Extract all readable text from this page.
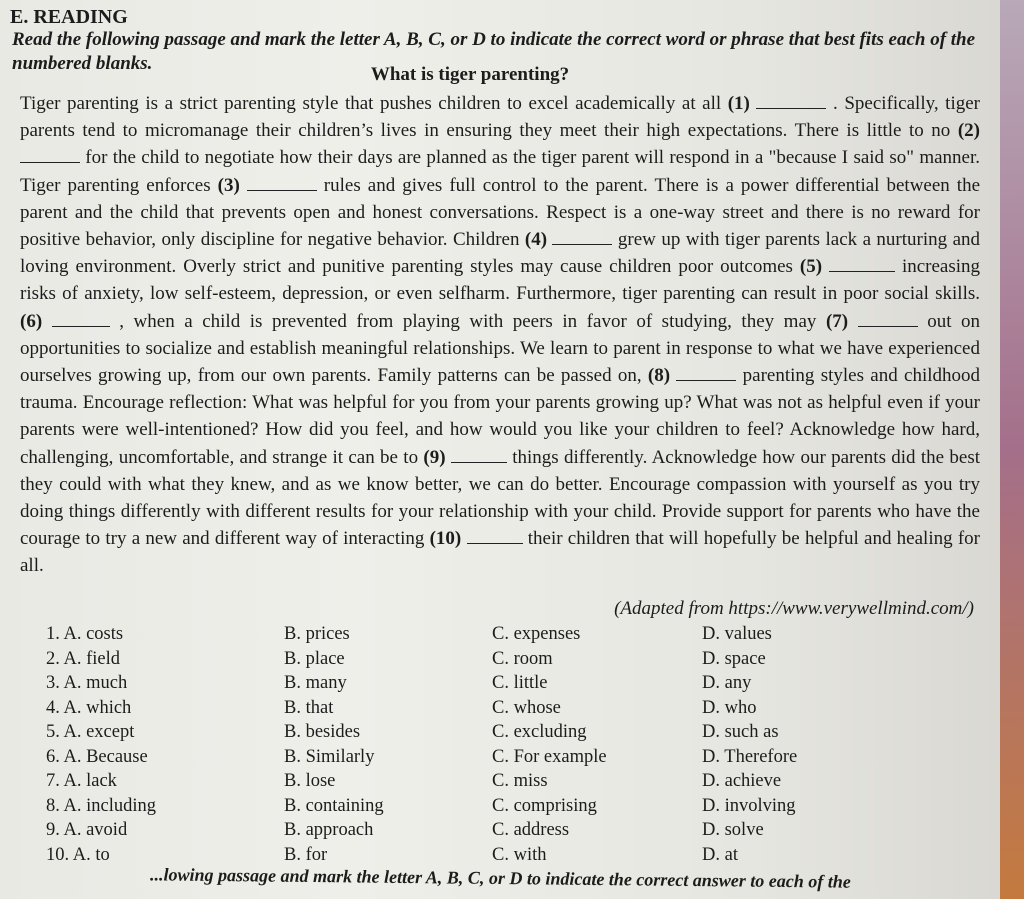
E. READING
Read the following passage and mark the letter A, B, C, or D to indicate the correct word or phrase that best fits each of the numbered blanks.
What is tiger parenting?
Tiger parenting is a strict parenting style that pushes children to excel academically at all (1)	. Specifically, tiger parents tend to micromanage their children’s lives in ensuring they meet their high expectations. There is little to no (2)  for the child to negotiate how their days are planned as the tiger parent will respond in a "because I said so" manner. Tiger parenting enforces (3)	rules and gives full control to the parent. There is a power differential between the parent and the child that prevents open and honest conversations. Respect is a one-way street and there is no reward for positive behavior, only discipline for negative behavior. Children (4)	grew up with tiger parents lack a nurturing and loving environment. Overly strict and punitive parenting styles may cause children poor outcomes (5)	increasing risks of anxiety, low self-esteem, depression, or even selfharm. Furthermore, tiger parenting can result in poor social skills. (6)	, when a child is prevented from playing with peers in favor of studying, they may (7)	out on opportunities to socialize and establish meaningful relationships. We learn to parent in response to what we have experienced ourselves growing up, from our own parents. Family patterns can be passed on, (8)	parenting styles and childhood trauma. Encourage reflection: What was helpful for you from your parents growing up? What was not as helpful even if your parents were well-intentioned? How did you feel, and how would you like your children to feel? Acknowledge how hard, challenging, uncomfortable, and strange it can be to (9)	things differently. Acknowledge how our parents did the best they could with what they knew, and as we know better, we can do better. Encourage compassion with yourself as you try doing things differently with different results for your relationship with your child. Provide support for parents who have the courage to try a new and different way of interacting (10)	their children that will hopefully be helpful and healing for all.
(Adapted from https://www.verywellmind.com/)
1. A. costs	B. prices	C. expenses	D. values
2. A. field	B. place	C. room	D. space
3. A. much	B. many	C. little	D. any
4. A. which	B. that	C. whose	D. who
5. A. except	B. besides	C. excluding	D. such as
6. A. Because	B. Similarly	C. For example	D. Therefore
7. A. lack	B. lose	C. miss	D. achieve
8. A. including	B. containing	C. comprising	D. involving
9. A. avoid	B. approach	C. address	D. solve
10. A. to	B. for	C. with	D. at
...lowing passage and mark the letter A, B, C, or D to indicate the correct answer to each of the
